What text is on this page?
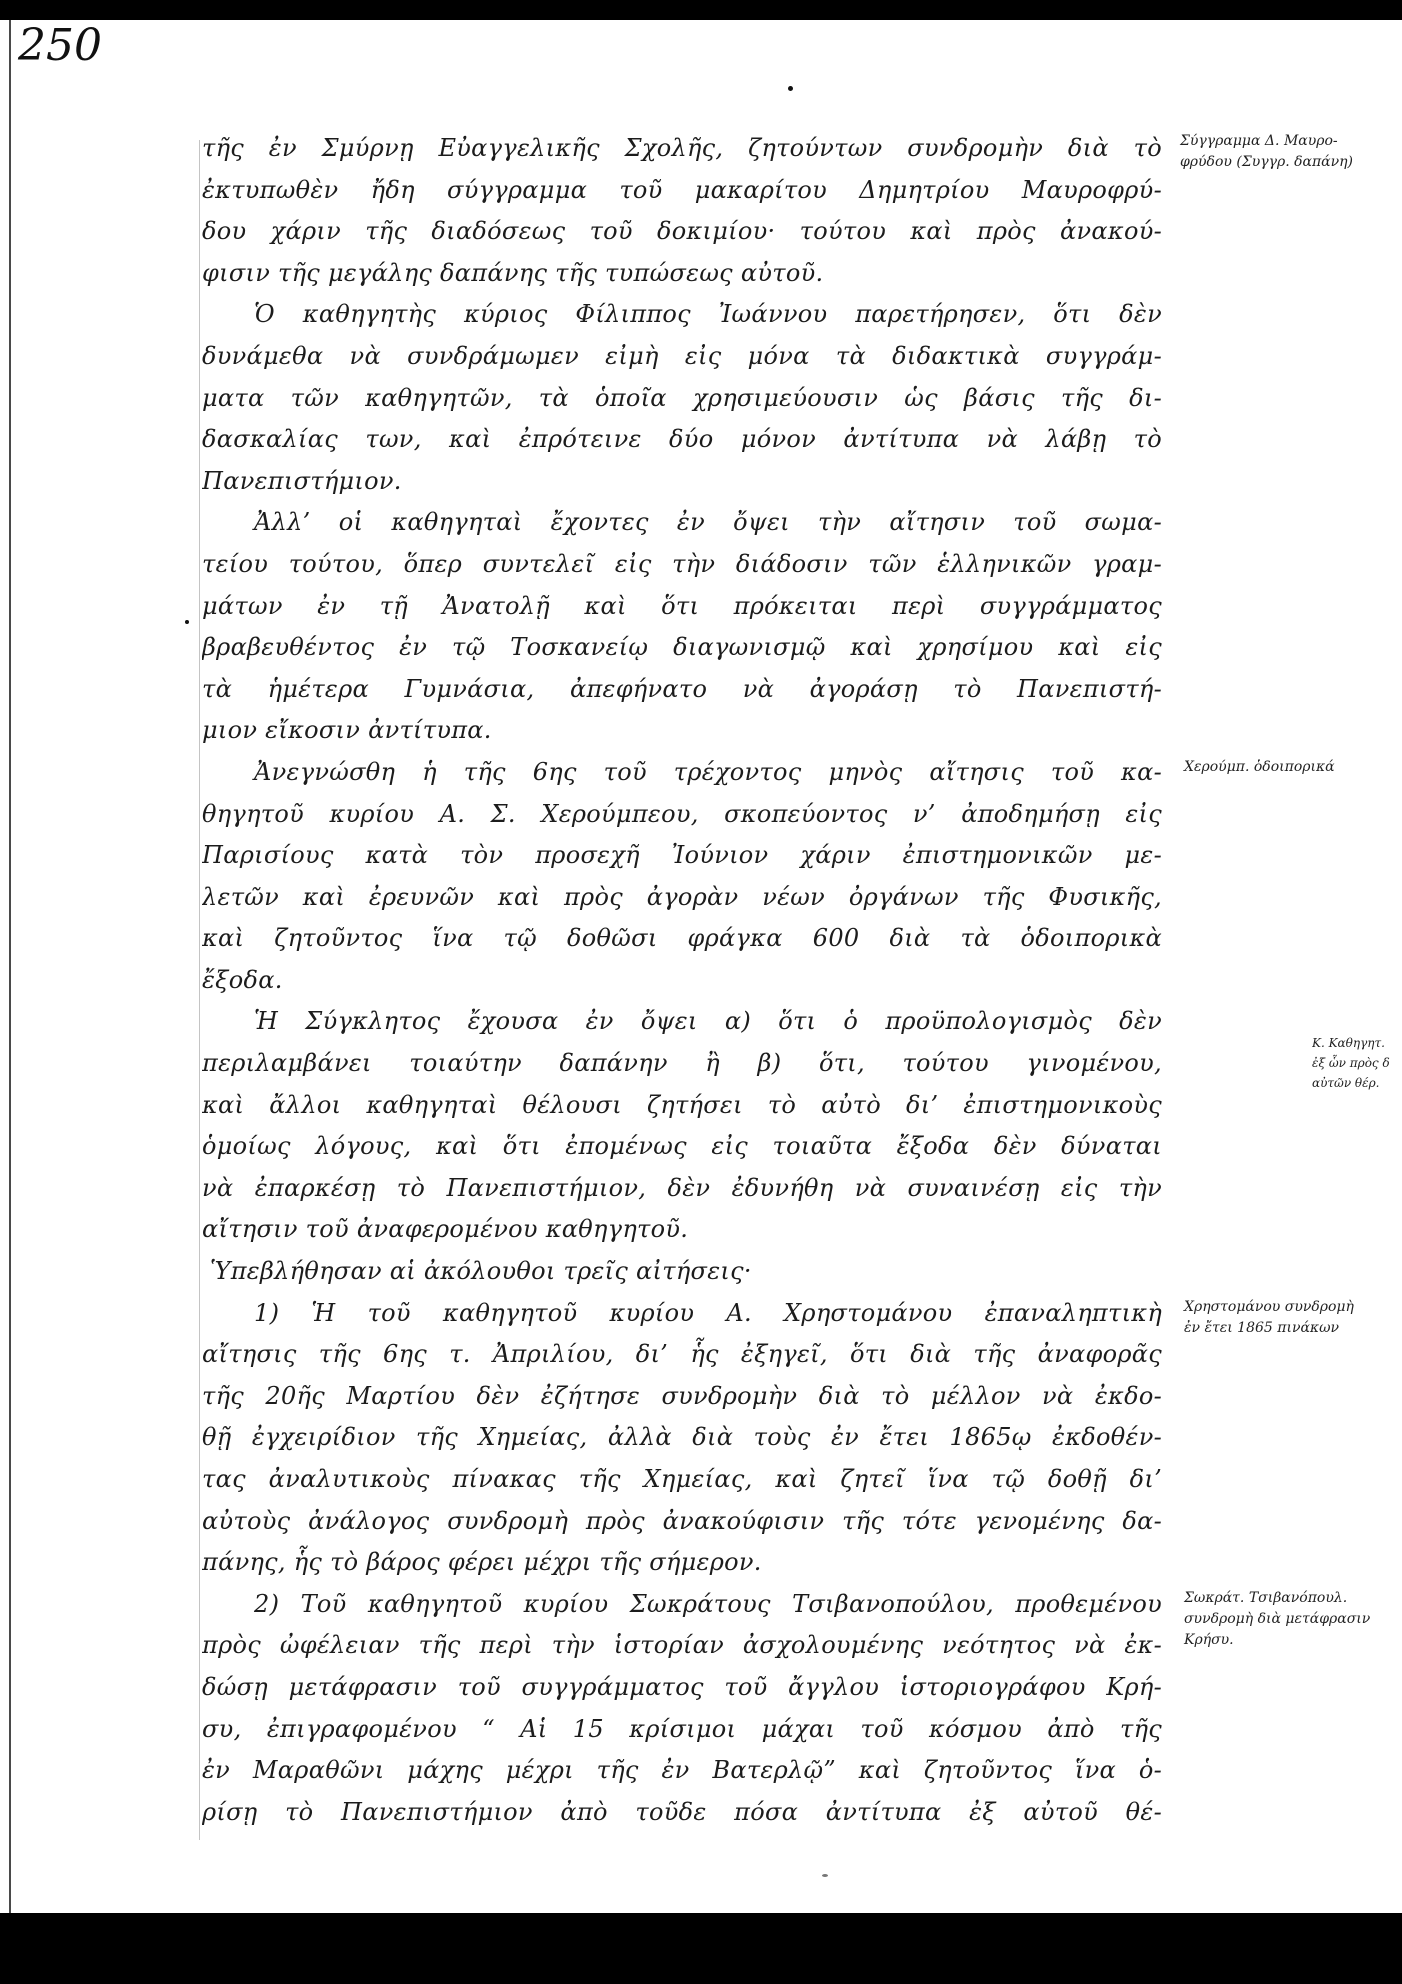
250
τῆς ἐν Σμύρνῃ Εὐαγγελικῆς Σχολῆς, ζητούντων συνδρομὴν διὰ τὸ
ἐκτυπωθὲν ἤδη σύγγραμμα τοῦ μακαρίτου Δημητρίου Μαυροφρύ-
δου χάριν τῆς διαδόσεως τοῦ δοκιμίου· τούτου καὶ πρὸς ἀνακού-
φισιν τῆς μεγάλης δαπάνης τῆς τυπώσεως αὐτοῦ.
Ὁ καθηγητὴς κύριος Φίλιππος Ἰωάννου παρετήρησεν, ὅτι δὲν
δυνάμεθα νὰ συνδράμωμεν εἰμὴ εἰς μόνα τὰ διδακτικὰ συγγράμ-
ματα τῶν καθηγητῶν, τὰ ὁποῖα χρησιμεύουσιν ὡς βάσις τῆς δι-
δασκαλίας των, καὶ ἐπρότεινε δύο μόνον ἀντίτυπα νὰ λάβῃ τὸ
Πανεπιστήμιον.
Ἀλλ’ οἱ καθηγηταὶ ἔχοντες ἐν ὄψει τὴν αἴτησιν τοῦ σωμα-
τείου τούτου, ὅπερ συντελεῖ εἰς τὴν διάδοσιν τῶν ἑλληνικῶν γραμ-
μάτων ἐν τῇ Ἀνατολῇ καὶ ὅτι πρόκειται περὶ συγγράμματος
βραβευθέντος ἐν τῷ Τοσκανείῳ διαγωνισμῷ καὶ χρησίμου καὶ εἰς
τὰ ἡμέτερα Γυμνάσια, ἀπεφήνατο νὰ ἀγοράσῃ τὸ Πανεπιστή-
μιον εἴκοσιν ἀντίτυπα.
Ἀνεγνώσθη ἡ τῆς 6ης τοῦ τρέχοντος μηνὸς αἴτησις τοῦ κα-
θηγητοῦ κυρίου Α. Σ. Χερούμπεου, σκοπεύοντος ν’ ἀποδημήσῃ εἰς
Παρισίους κατὰ τὸν προσεχῆ Ἰούνιον χάριν ἐπιστημονικῶν με-
λετῶν καὶ ἐρευνῶν καὶ πρὸς ἀγορὰν νέων ὀργάνων τῆς Φυσικῆς,
καὶ ζητοῦντος ἵνα τῷ δοθῶσι φράγκα 600 διὰ τὰ ὁδοιπορικὰ
ἔξοδα.
Ἡ Σύγκλητος ἔχουσα ἐν ὄψει α) ὅτι ὁ προϋπολογισμὸς δὲν
περιλαμβάνει τοιαύτην δαπάνην ἢ β) ὅτι, τούτου γινομένου,
καὶ ἄλλοι καθηγηταὶ θέλουσι ζητήσει τὸ αὐτὸ δι’ ἐπιστημονικοὺς
ὁμοίως λόγους, καὶ ὅτι ἐπομένως εἰς τοιαῦτα ἔξοδα δὲν δύναται
νὰ ἐπαρκέσῃ τὸ Πανεπιστήμιον, δὲν ἐδυνήθη νὰ συναινέσῃ εἰς τὴν
αἴτησιν τοῦ ἀναφερομένου καθηγητοῦ.
Ὑπεβλήθησαν αἱ ἀκόλουθοι τρεῖς αἰτήσεις·
1) Ἡ τοῦ καθηγητοῦ κυρίου Α. Χρηστομάνου ἐπαναληπτικὴ
αἴτησις τῆς 6ης τ. Ἀπριλίου, δι’ ἧς ἐξηγεῖ, ὅτι διὰ τῆς ἀναφορᾶς
τῆς 20ῆς Μαρτίου δὲν ἐζήτησε συνδρομὴν διὰ τὸ μέλλον νὰ ἐκδο-
θῇ ἐγχειρίδιον τῆς Χημείας, ἀλλὰ διὰ τοὺς ἐν ἔτει 1865ῳ ἐκδοθέν-
τας ἀναλυτικοὺς πίνακας τῆς Χημείας, καὶ ζητεῖ ἵνα τῷ δοθῇ δι’
αὐτοὺς ἀνάλογος συνδρομὴ πρὸς ἀνακούφισιν τῆς τότε γενομένης δα-
πάνης, ἧς τὸ βάρος φέρει μέχρι τῆς σήμερον.
2) Τοῦ καθηγητοῦ κυρίου Σωκράτους Τσιβανοπούλου, προθεμένου
πρὸς ὠφέλειαν τῆς περὶ τὴν ἱστορίαν ἀσχολουμένης νεότητος νὰ ἐκ-
δώσῃ μετάφρασιν τοῦ συγγράμματος τοῦ ἄγγλου ἱστοριογράφου Κρή-
συ, ἐπιγραφομένου “ Αἱ 15 κρίσιμοι μάχαι τοῦ κόσμου ἀπὸ τῆς
ἐν Μαραθῶνι μάχης μέχρι τῆς ἐν Βατερλῷ” καὶ ζητοῦντος ἵνα ὁ-
ρίσῃ τὸ Πανεπιστήμιον ἀπὸ τοῦδε πόσα ἀντίτυπα ἐξ αὐτοῦ θέ-
Σύγγραμμα Δ. Μαυρο-
φρύδου (Συγγρ. δαπάνη)
Χερούμπ. ὁδοιπορικά
Κ. Καθηγητ.
ἐξ ὧν πρὸς δ
αὐτῶν θέρ.
Χρηστομάνου συνδρομὴ
ἐν ἔτει 1865 πινάκων
Σωκράτ. Τσιβανόπουλ.
συνδρομὴ διὰ μετάφρασιν
Κρήσυ.
